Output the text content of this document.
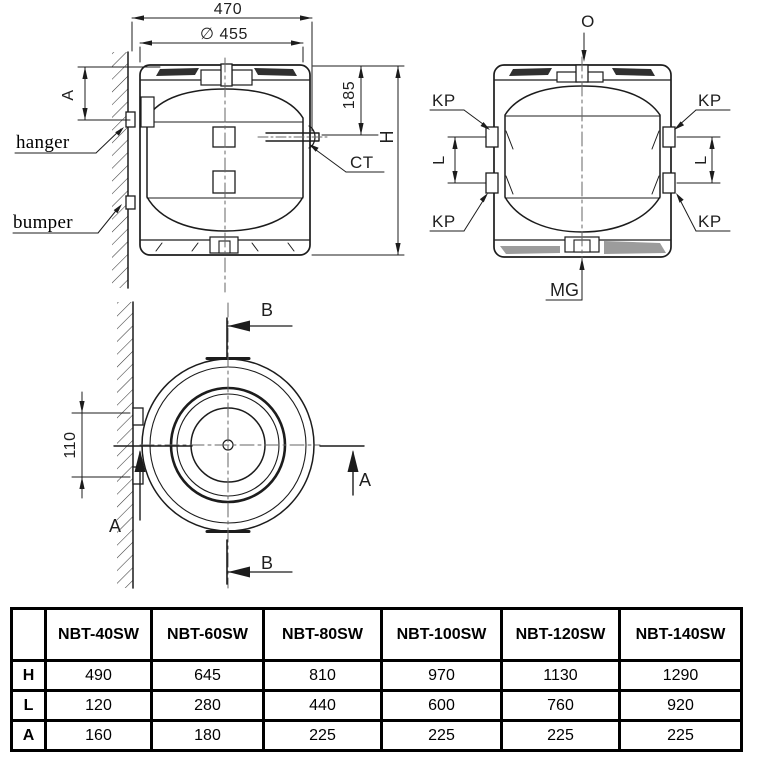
470
∅ 455
A	185
H
hanger
bumper
CT
O
KP	KP
KP	KP
L	L
MG
A
A
B
B
110
	NBT-40SW	NBT-60SW	NBT-80SW	NBT-100SW	NBT-120SW	NBT-140SW
H	490	645	810	970	1130	1290
L	120	280	440	600	760	920
A	160	180	225	225	225	225
